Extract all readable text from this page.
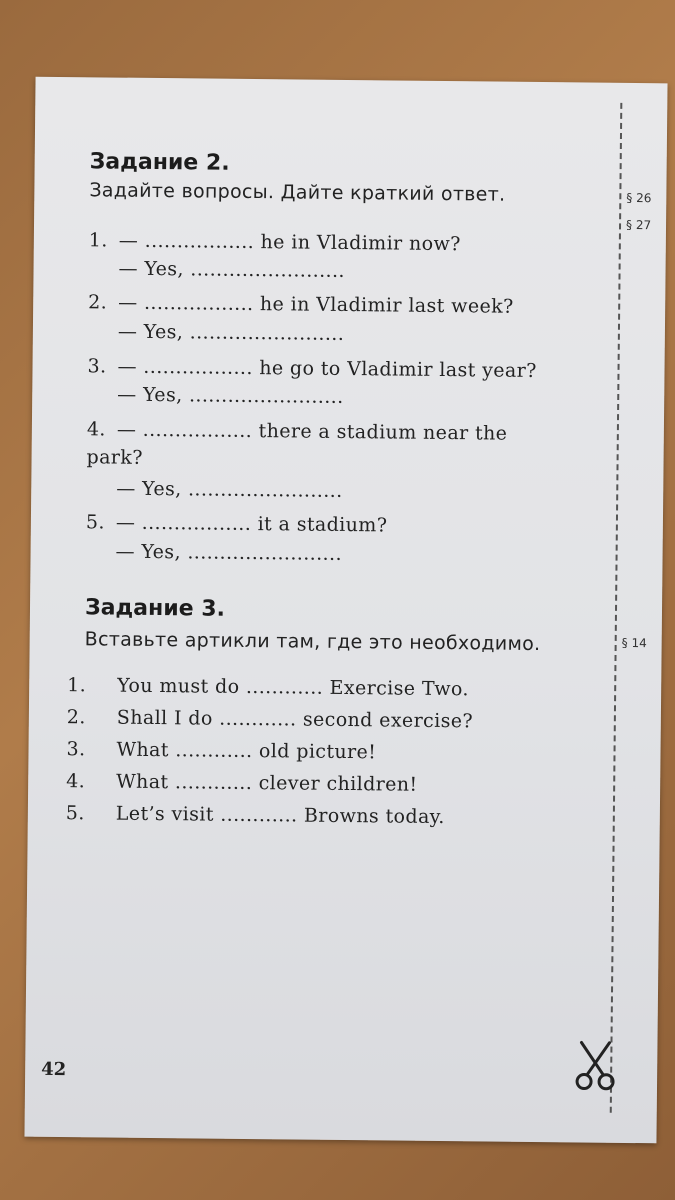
Задание 2.
Задайте вопросы. Дайте краткий ответ.	§ 26
§ 27
1. — ................. he in Vladimir now?
— Yes, ........................
2. — ................. he in Vladimir last week?
— Yes, ........................
3. — ................. he go to Vladimir last year?
— Yes, ........................
4. — ................. there a stadium near the
park?
— Yes, ........................
5. — ................. it a stadium?
— Yes, ........................
Задание 3.
Вставьте артикли там, где это необходимо.	§ 14
1. You must do ............ Exercise Two.
2. Shall I do ............ second exercise?
3. What ............ old picture!
4. What ............ clever children!
5. Let’s visit ............ Browns today.
42
